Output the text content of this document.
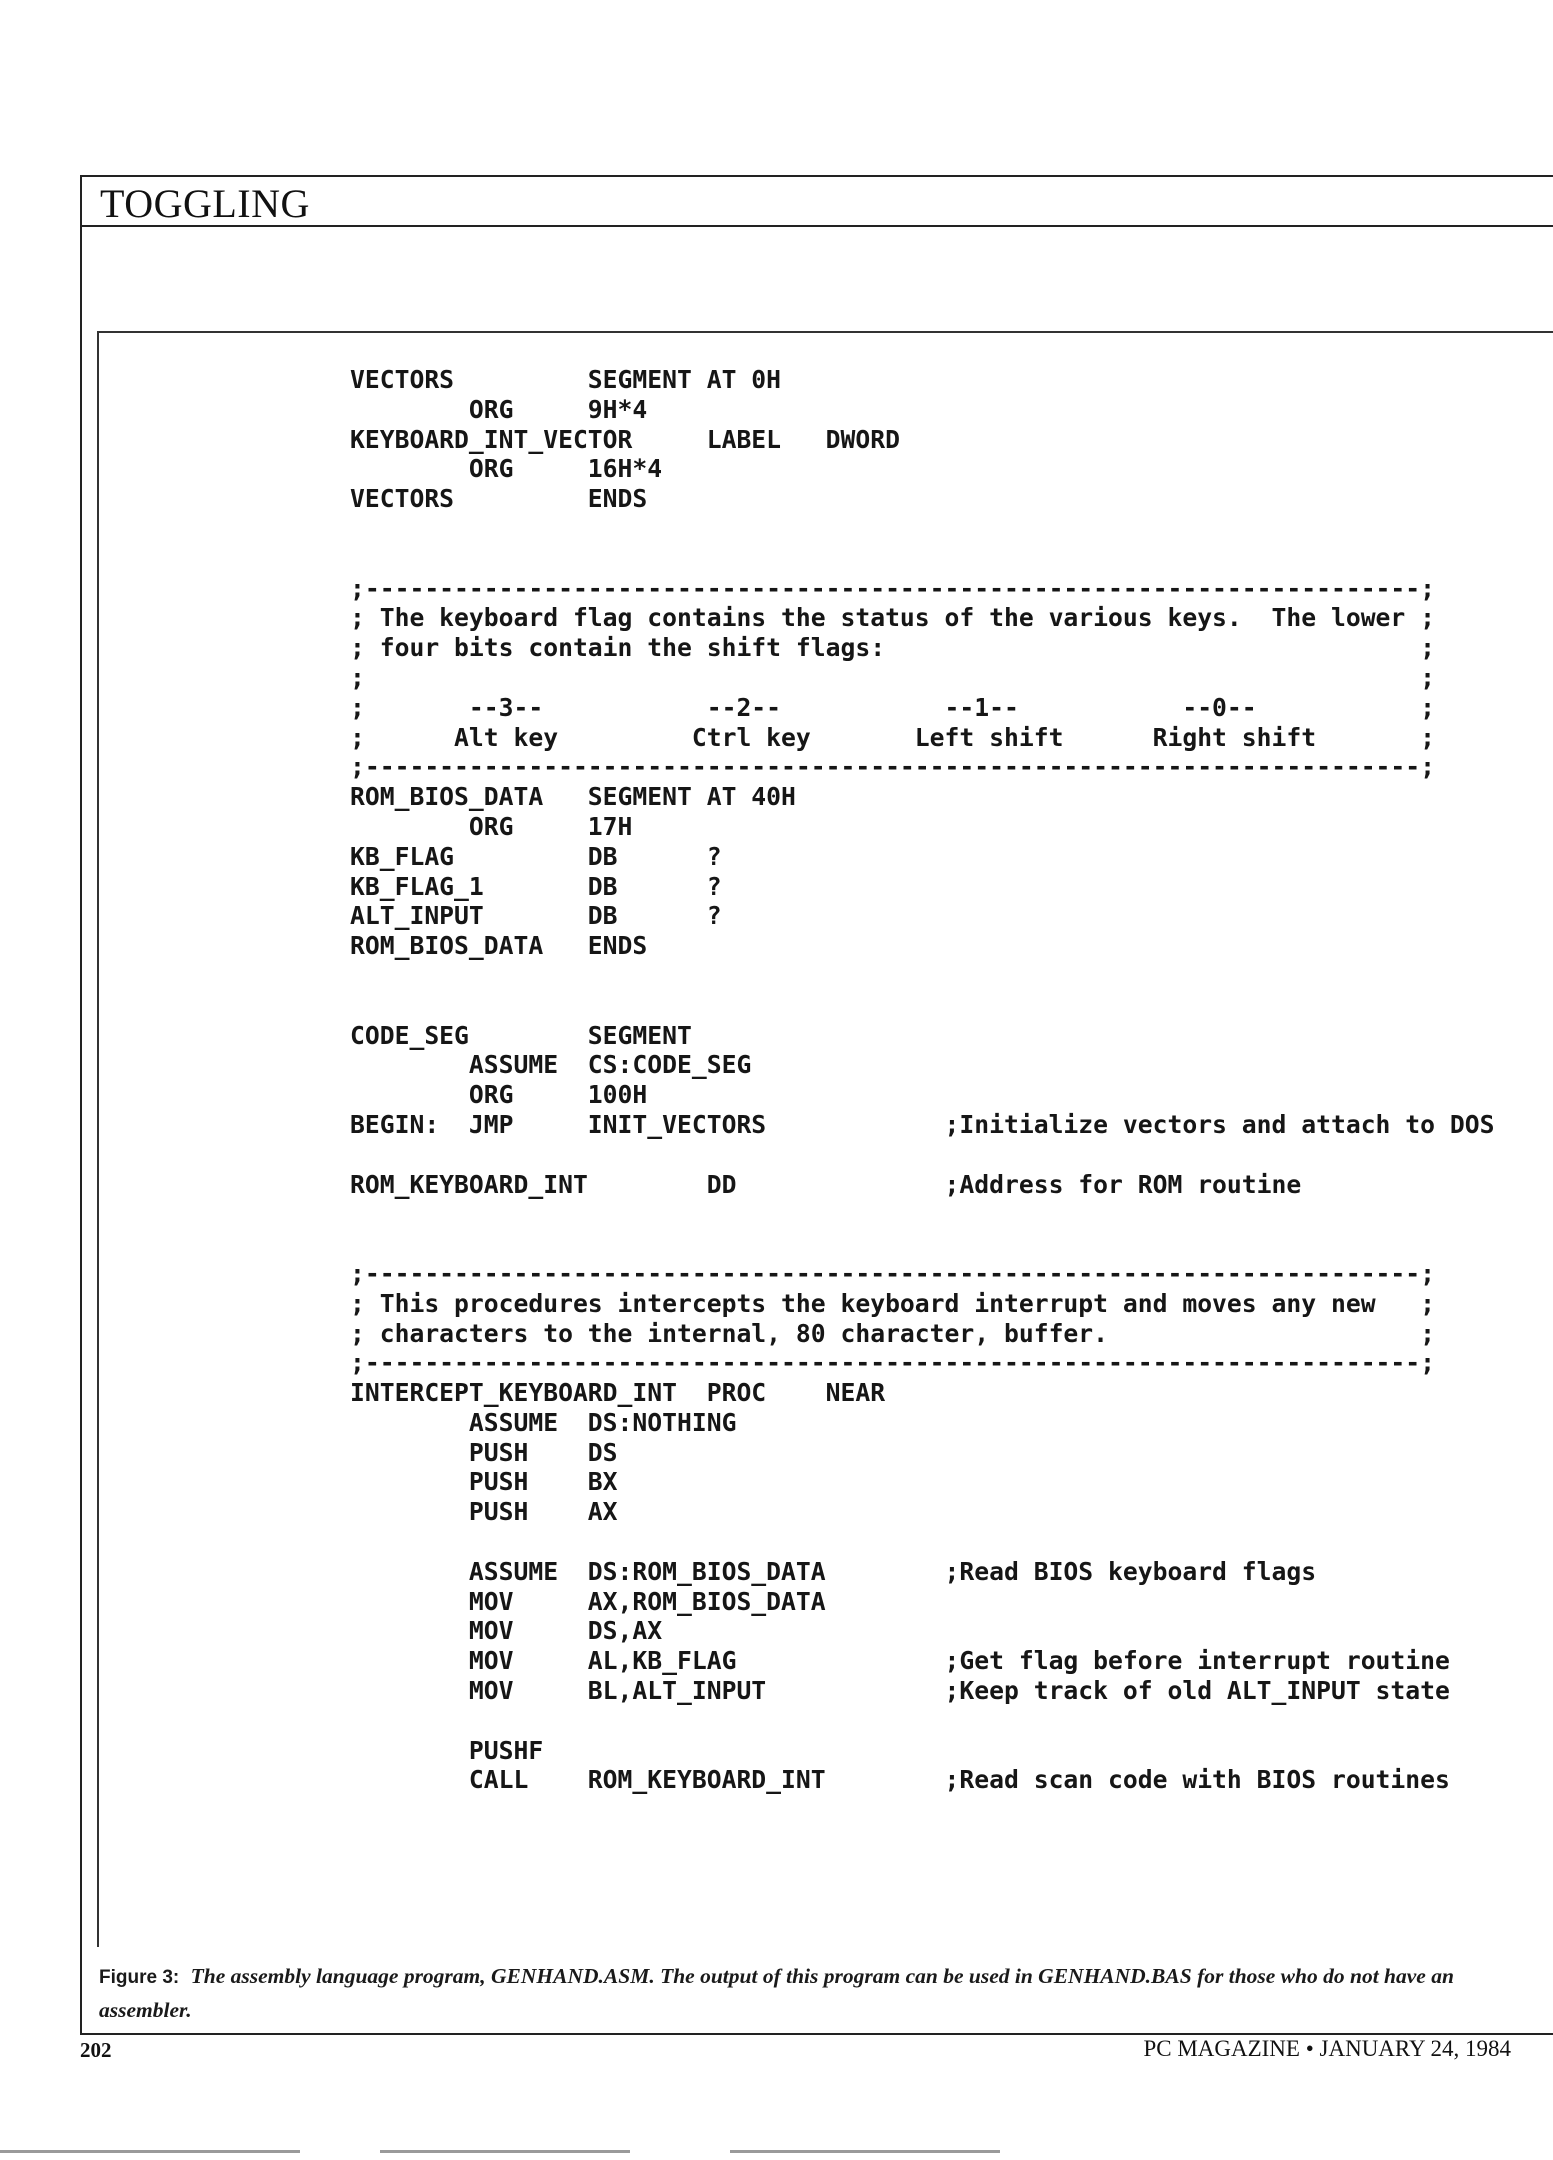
TOGGLING
VECTORS         SEGMENT AT 0H
ORG     9H*4
KEYBOARD_INT_VECTOR     LABEL   DWORD
ORG     16H*4
VECTORS         ENDS

;-----------------------------------------------------------------------;
; The keyboard flag contains the status of the various keys.  The lower ;
; four bits contain the shift flags:                                    ;
;                                                                       ;
;       --3--           --2--           --1--           --0--           ;
;      Alt key         Ctrl key       Left shift      Right shift       ;
;-----------------------------------------------------------------------;
ROM_BIOS_DATA   SEGMENT AT 40H
ORG     17H
KB_FLAG         DB      ?
KB_FLAG_1       DB      ?
ALT_INPUT       DB      ?
ROM_BIOS_DATA   ENDS

CODE_SEG        SEGMENT
ASSUME  CS:CODE_SEG
ORG     100H
BEGIN:  JMP     INIT_VECTORS            ;Initialize vectors and attach to DOS

ROM_KEYBOARD_INT        DD              ;Address for ROM routine

;-----------------------------------------------------------------------;
; This procedures intercepts the keyboard interrupt and moves any new   ;
; characters to the internal, 80 character, buffer.                     ;
;-----------------------------------------------------------------------;
INTERCEPT_KEYBOARD_INT  PROC    NEAR
ASSUME  DS:NOTHING
PUSH    DS
PUSH    BX
PUSH    AX

ASSUME  DS:ROM_BIOS_DATA        ;Read BIOS keyboard flags
MOV     AX,ROM_BIOS_DATA
MOV     DS,AX
MOV     AL,KB_FLAG              ;Get flag before interrupt routine
MOV     BL,ALT_INPUT            ;Keep track of old ALT_INPUT state

PUSHF
CALL    ROM_KEYBOARD_INT        ;Read scan code with BIOS routines
Figure 3: The assembly language program, GENHAND.ASM. The output of this program can be used in GENHAND.BAS for those who do not have an assembler.
202	PC MAGAZINE • JANUARY 24, 1984
